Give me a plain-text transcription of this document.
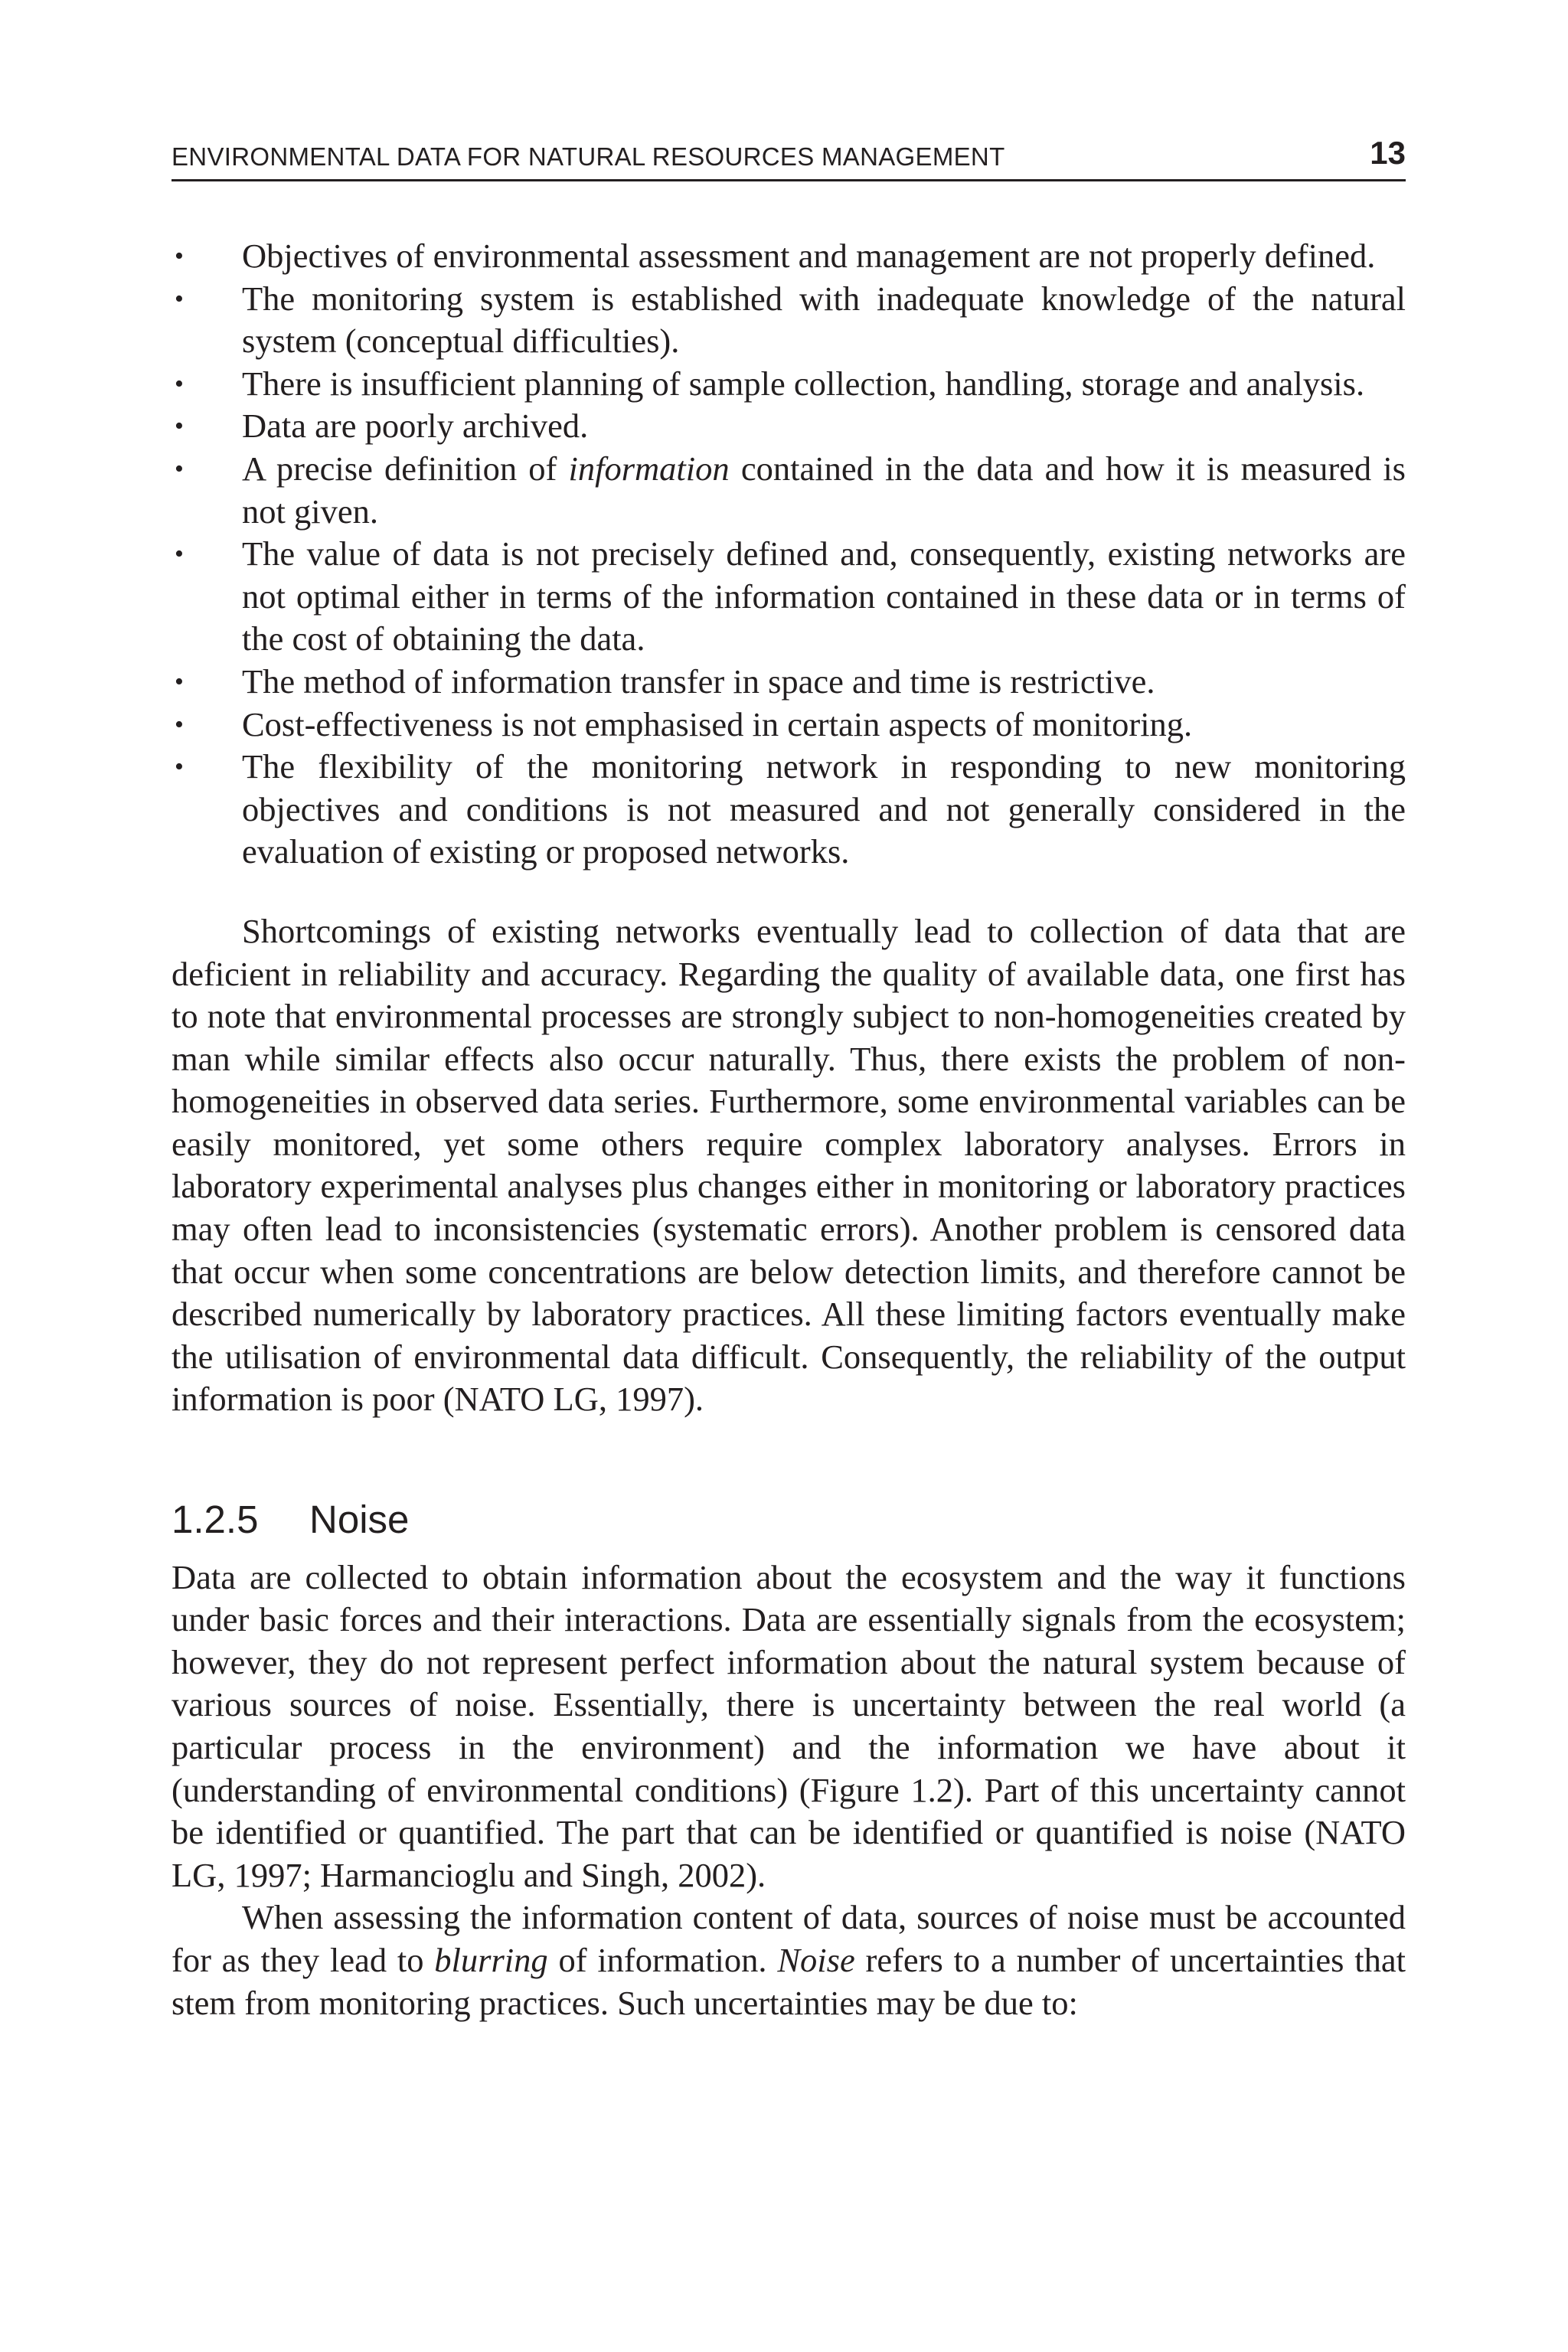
ENVIRONMENTAL DATA FOR NATURAL RESOURCES MANAGEMENT	13
• Objectives of environmental assessment and management are not properly defined.
• The monitoring system is established with inadequate knowledge of the natural system (conceptual difficulties).
• There is insufficient planning of sample collection, handling, storage and analysis.
• Data are poorly archived.
• A precise definition of information contained in the data and how it is measured is not given.
• The value of data is not precisely defined and, consequently, existing networks are not optimal either in terms of the information contained in these data or in terms of the cost of obtaining the data.
• The method of information transfer in space and time is restrictive.
• Cost-effectiveness is not emphasised in certain aspects of monitoring.
• The flexibility of the monitoring network in responding to new monitoring objectives and conditions is not measured and not generally considered in the evaluation of existing or proposed networks.

Shortcomings of existing networks eventually lead to collection of data that are deficient in reliability and accuracy. Regarding the quality of available data, one first has to note that environmental processes are strongly subject to non-homogeneities created by man while similar effects also occur naturally. Thus, there exists the problem of non-homogeneities in observed data series. Furthermore, some environmental variables can be easily monitored, yet some others require complex laboratory analyses. Errors in laboratory experimental analyses plus changes either in monitoring or laboratory practices may often lead to inconsistencies (systematic errors). Another problem is censored data that occur when some concentrations are below detection limits, and therefore cannot be described numerically by laboratory practices. All these limiting factors eventually make the utilisation of environmental data difficult. Consequently, the reliability of the output information is poor (NATO LG, 1997).

1.2.5 Noise

Data are collected to obtain information about the ecosystem and the way it functions under basic forces and their interactions. Data are essentially signals from the ecosystem; however, they do not represent perfect information about the natural system because of various sources of noise. Essentially, there is uncertainty between the real world (a particular process in the environment) and the information we have about it (understanding of environmental conditions) (Figure 1.2). Part of this uncertainty cannot be identified or quantified. The part that can be identified or quantified is noise (NATO LG, 1997; Harmancioglu and Singh, 2002).

When assessing the information content of data, sources of noise must be accounted for as they lead to blurring of information. Noise refers to a number of uncertainties that stem from monitoring practices. Such uncertainties may be due to:
